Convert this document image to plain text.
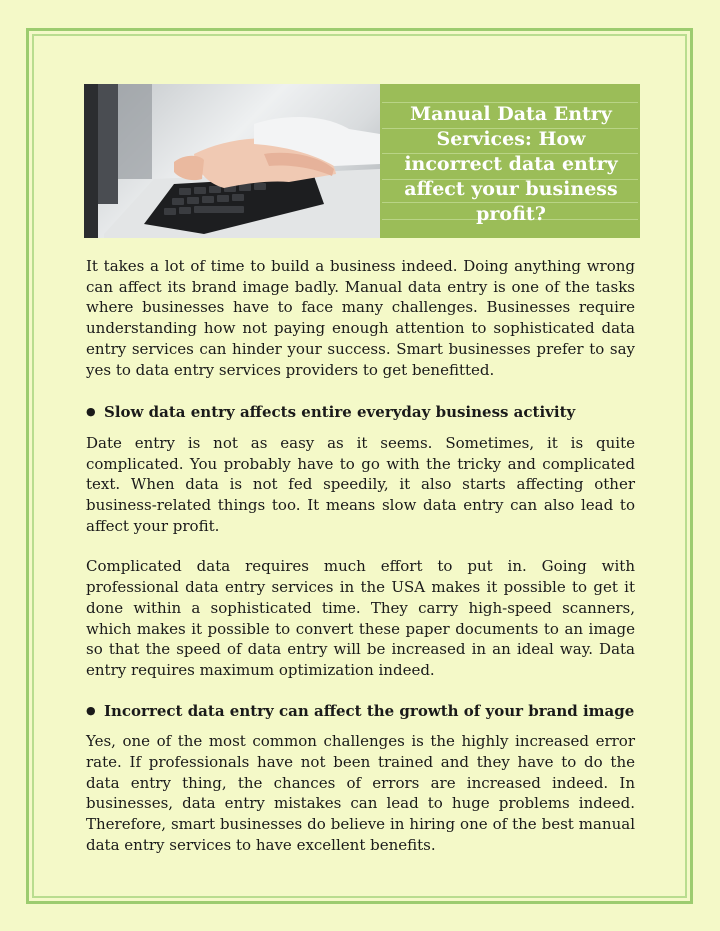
Manual Data Entry Services: How incorrect data entry affect your business profit?

It takes a lot of time to build a business indeed. Doing anything wrong can affect its brand image badly. Manual data entry is one of the tasks where businesses have to face many challenges. Businesses require understanding how not paying enough attention to sophisticated data entry services can hinder your success. Smart businesses prefer to say yes to data entry services providers to get benefitted.

● Slow data entry affects entire everyday business activity

Date entry is not as easy as it seems. Sometimes, it is quite complicated. You probably have to go with the tricky and complicated text. When data is not fed speedily, it also starts affecting other business-related things too. It means slow data entry can also lead to affect your profit.

Complicated data requires much effort to put in. Going with professional data entry services in the USA makes it possible to get it done within a sophisticated time. They carry high-speed scanners, which makes it possible to convert these paper documents to an image so that the speed of data entry will be increased in an ideal way. Data entry requires maximum optimization indeed.

● Incorrect data entry can affect the growth of your brand image

Yes, one of the most common challenges is the highly increased error rate. If professionals have not been trained and they have to do the data entry thing, the chances of errors are increased indeed. In businesses, data entry mistakes can lead to huge problems indeed. Therefore, smart businesses do believe in hiring one of the best manual data entry services to have excellent benefits.
